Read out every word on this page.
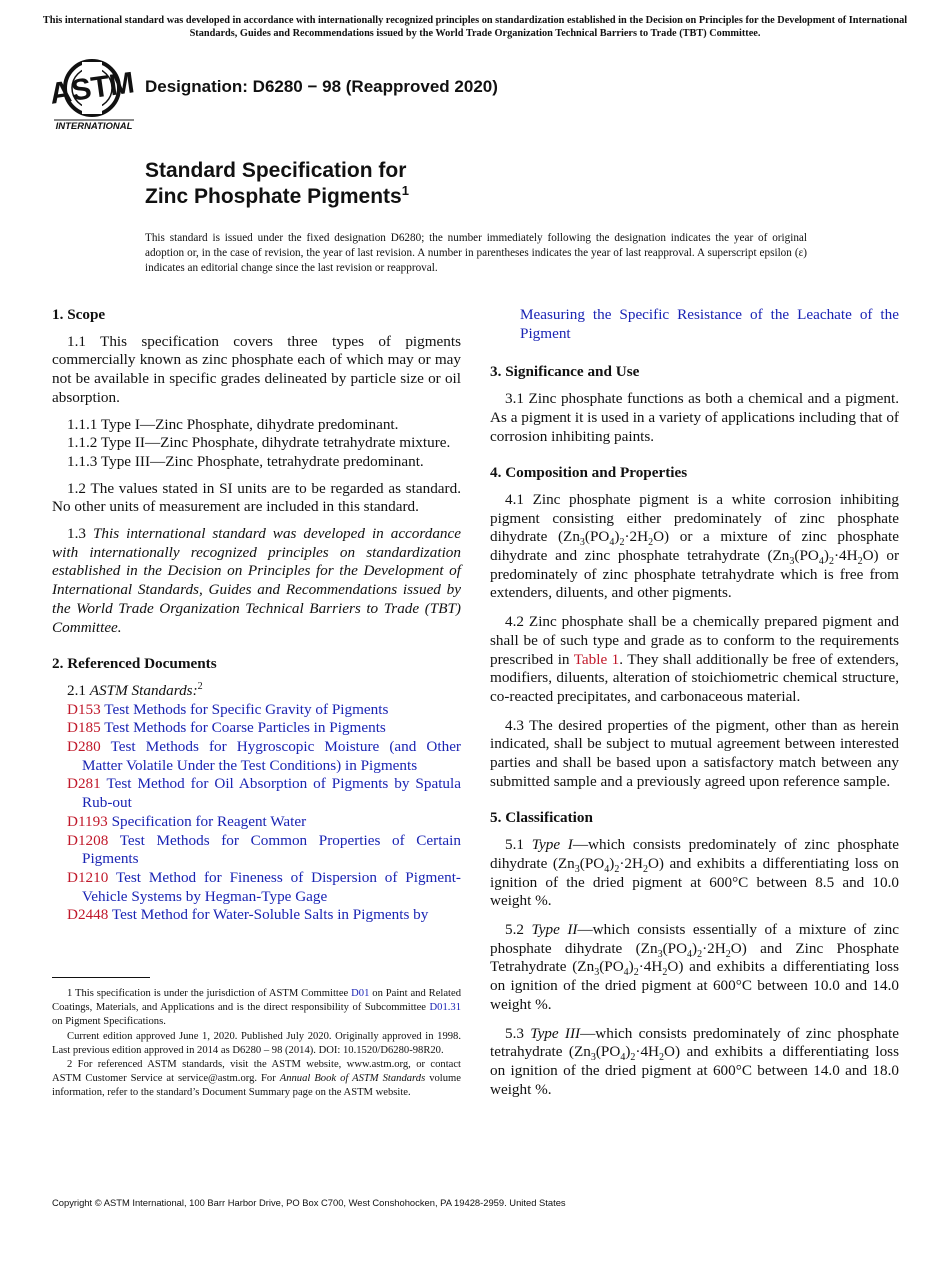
This international standard was developed in accordance with internationally recognized principles on standardization established in the Decision on Principles for the Development of International Standards, Guides and Recommendations issued by the World Trade Organization Technical Barriers to Trade (TBT) Committee.
ASTM
INTERNATIONAL
Designation: D6280 − 98 (Reapproved 2020)
Standard Specification for
Zinc Phosphate Pigments$^1$
This standard is issued under the fixed designation D6280; the number immediately following the designation indicates the year of original adoption or, in the case of revision, the year of last revision. A number in parentheses indicates the year of last reapproval. A superscript epsilon (ε) indicates an editorial change since the last revision or reapproval.
1. Scope

1.1 This specification covers three types of pigments commercially known as zinc phosphate each of which may or may not be available in specific grades delineated by particle size or oil absorption.

1.1.1 Type I—Zinc Phosphate, dihydrate predominant.

1.1.2 Type II—Zinc Phosphate, dihydrate tetrahydrate mixture.

1.1.3 Type III—Zinc Phosphate, tetrahydrate predominant.

1.2 The values stated in SI units are to be regarded as standard. No other units of measurement are included in this standard.

1.3 This international standard was developed in accordance with internationally recognized principles on standardization established in the Decision on Principles for the Development of International Standards, Guides and Recommendations issued by the World Trade Organization Technical Barriers to Trade (TBT) Committee.

2. Referenced Documents

2.1 ASTM Standards:$^2$

D153 Test Methods for Specific Gravity of Pigments

D185 Test Methods for Coarse Particles in Pigments

D280 Test Methods for Hygroscopic Moisture (and Other Matter Volatile Under the Test Conditions) in Pigments

D281 Test Method for Oil Absorption of Pigments by Spatula Rub-out

D1193 Specification for Reagent Water

D1208 Test Methods for Common Properties of Certain Pigments

D1210 Test Method for Fineness of Dispersion of Pigment-Vehicle Systems by Hegman-Type Gage

D2448 Test Method for Water-Soluble Salts in Pigments by

Measuring the Specific Resistance of the Leachate of the Pigment

3. Significance and Use

3.1 Zinc phosphate functions as both a chemical and a pigment. As a pigment it is used in a variety of applications including that of corrosion inhibiting paints.

4. Composition and Properties

4.1 Zinc phosphate pigment is a white corrosion inhibiting pigment consisting either predominately of zinc phosphate dihydrate $(Zn_3(PO_4)_2\cdot 2H_2O)$ or a mixture of zinc phosphate dihydrate and zinc phosphate tetrahydrate $(Zn_3(PO_4)_2\cdot 4H_2O)$ or predominately of zinc phosphate tetrahydrate which is free from extenders, diluents, and other pigments.

4.2 Zinc phosphate shall be a chemically prepared pigment and shall be of such type and grade as to conform to the requirements prescribed in Table 1. They shall additionally be free of extenders, modifiers, diluents, alteration of stoichiometric chemical structure, co-reacted precipitates, and carbonaceous material.

4.3 The desired properties of the pigment, other than as herein indicated, shall be subject to mutual agreement between interested parties and shall be based upon a satisfactory match between any submitted sample and a previously agreed upon reference sample.

5. Classification

5.1 Type I—which consists predominately of zinc phosphate dihydrate $(Zn_3(PO_4)_2\cdot 2H_2O)$ and exhibits a differentiating loss on ignition of the dried pigment at 600°C between 8.5 and 10.0 weight %.

5.2 Type II—which consists essentially of a mixture of zinc phosphate dihydrate $(Zn_3(PO_4)_2\cdot 2H_2O)$ and Zinc Phosphate Tetrahydrate $(Zn_3(PO_4)_2\cdot 4H_2O)$ and exhibits a differentiating loss on ignition of the dried pigment at 600°C between 10.0 and 14.0 weight %.

5.3 Type III—which consists predominately of zinc phosphate tetrahydrate $(Zn_3(PO_4)_2\cdot 4H_2O)$ and exhibits a differentiating loss on ignition of the dried pigment at 600°C between 14.0 and 18.0 weight %.

1 This specification is under the jurisdiction of ASTM Committee D01 on Paint and Related Coatings, Materials, and Applications and is the direct responsibility of Subcommittee D01.31 on Pigment Specifications.

Current edition approved June 1, 2020. Published July 2020. Originally approved in 1998. Last previous edition approved in 2014 as D6280 – 98 (2014). DOI: 10.1520/D6280-98R20.

2 For referenced ASTM standards, visit the ASTM website, www.astm.org, or contact ASTM Customer Service at service@astm.org. For Annual Book of ASTM Standards volume information, refer to the standard’s Document Summary page on the ASTM website.

Copyright © ASTM International, 100 Barr Harbor Drive, PO Box C700, West Conshohocken, PA 19428-2959. United States
